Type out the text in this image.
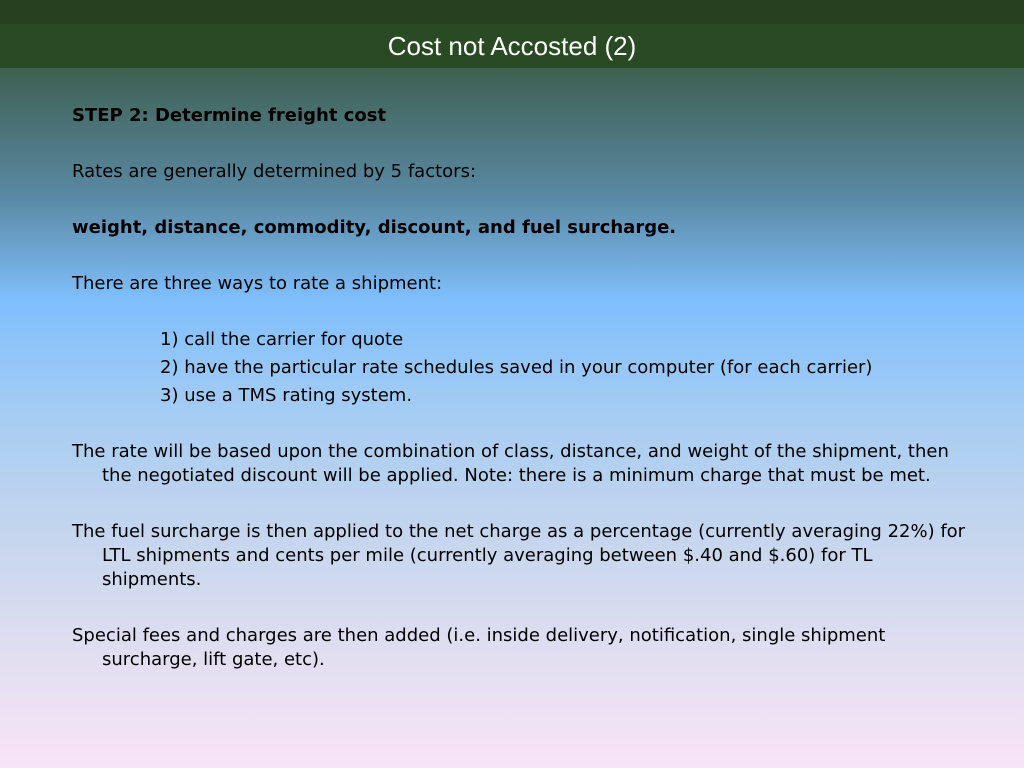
Cost not Accosted (2)

STEP 2: Determine freight cost

Rates are generally determined by 5 factors:

weight, distance, commodity, discount, and fuel surcharge.

There are three ways to rate a shipment:

1) call the carrier for quote
2) have the particular rate schedules saved in your computer (for each carrier)
3) use a TMS rating system.

The rate will be based upon the combination of class, distance, and weight of the shipment, then the negotiated discount will be applied. Note: there is a minimum charge that must be met.

The fuel surcharge is then applied to the net charge as a percentage (currently averaging 22%) for LTL shipments and cents per mile (currently averaging between $.40 and $.60) for TL shipments.

Special fees and charges are then added (i.e. inside delivery, notification, single shipment surcharge, lift gate, etc).
